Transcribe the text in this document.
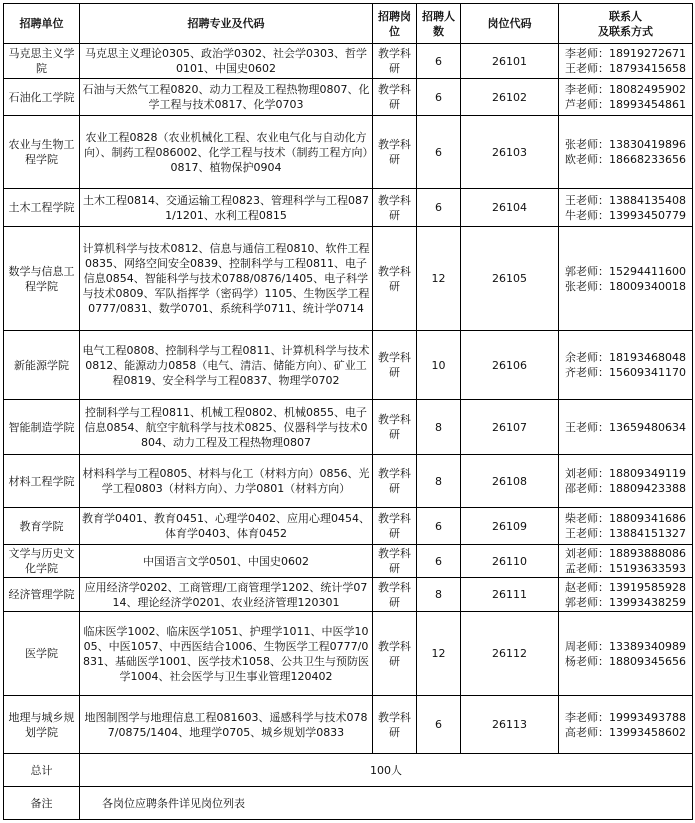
招聘单位	招聘专业及代码	招聘岗位	招聘人数	岗位代码	联系人
及联系方式

马克思主义学院	马克思主义理论0305、政治学0302、社会学0303、哲学0101、中国史0602	教学科研	6	26101	李老师：18919272671
王老师：18793415658

石油化工学院	石油与天然气工程0820、动力工程及工程热物理0807、化学工程与技术0817、化学0703	教学科研	6	26102	李老师：18082495902
芦老师：18993454861

农业与生物工程学院	农业工程0828（农业机械化工程、农业电气化与自动化方向）、制药工程086002、化学工程与技术（制药工程方向）0817、植物保护0904	教学科研	6	26103	张老师：13830419896
欧老师：18668233656

土木工程学院	土木工程0814、交通运输工程0823、管理科学与工程0871/1201、水利工程0815	教学科研	6	26104	王老师：13884135408
牛老师：13993450779

数学与信息工程学院	计算机科学与技术0812、信息与通信工程0810、软件工程0835、网络空间安全0839、控制科学与工程0811、电子信息0854、智能科学与技术0788/0876/1405、电子科学与技术0809、军队指挥学（密码学）1105、生物医学工程0777/0831、数学0701、系统科学0711、统计学0714	教学科研	12	26105	郭老师：15294411600
张老师：18009340018

新能源学院	电气工程0808、控制科学与工程0811、计算机科学与技术0812、能源动力0858（电气、清洁、储能方向）、矿业工程0819、安全科学与工程0837、物理学0702	教学科研	10	26106	余老师：18193468048
齐老师：15609341170

智能制造学院	控制科学与工程0811、机械工程0802、机械0855、电子信息0854、航空宇航科学与技术0825、仪器科学与技术0804、动力工程及工程热物理0807	教学科研	8	26107	王老师：13659480634

材料工程学院	材料科学与工程0805、材料与化工（材料方向）0856、光学工程0803（材料方向）、力学0801（材料方向）	教学科研	8	26108	刘老师：18809349119
邵老师：18809423388

教育学院	教育学0401、教育0451、心理学0402、应用心理0454、体育学0403、体育0452	教学科研	6	26109	柴老师：18809341686
王老师：13884151327

文学与历史文化学院	中国语言文学0501、中国史0602	教学科研	6	26110	刘老师：18893888086
孟老师：15193633593

经济管理学院	应用经济学0202、工商管理/工商管理学1202、统计学0714、理论经济学0201、农业经济管理120301	教学科研	8	26111	赵老师：13919585928
郭老师：13993438259

医学院	临床医学1002、临床医学1051、护理学1011、中医学1005、中医1057、中西医结合1006、生物医学工程0777/0831、基础医学1001、医学技术1058、公共卫生与预防医学1004、社会医学与卫生事业管理120402	教学科研	12	26112	周老师：13389340989
杨老师：18809345656

地理与城乡规划学院	地图制图学与地理信息工程081603、遥感科学与技术0787/0875/1404、地理学0705、城乡规划学0833	教学科研	6	26113	李老师：19993493788
高老师：13993458602

总计	100人				
备注	各岗位应聘条件详见岗位列表				
